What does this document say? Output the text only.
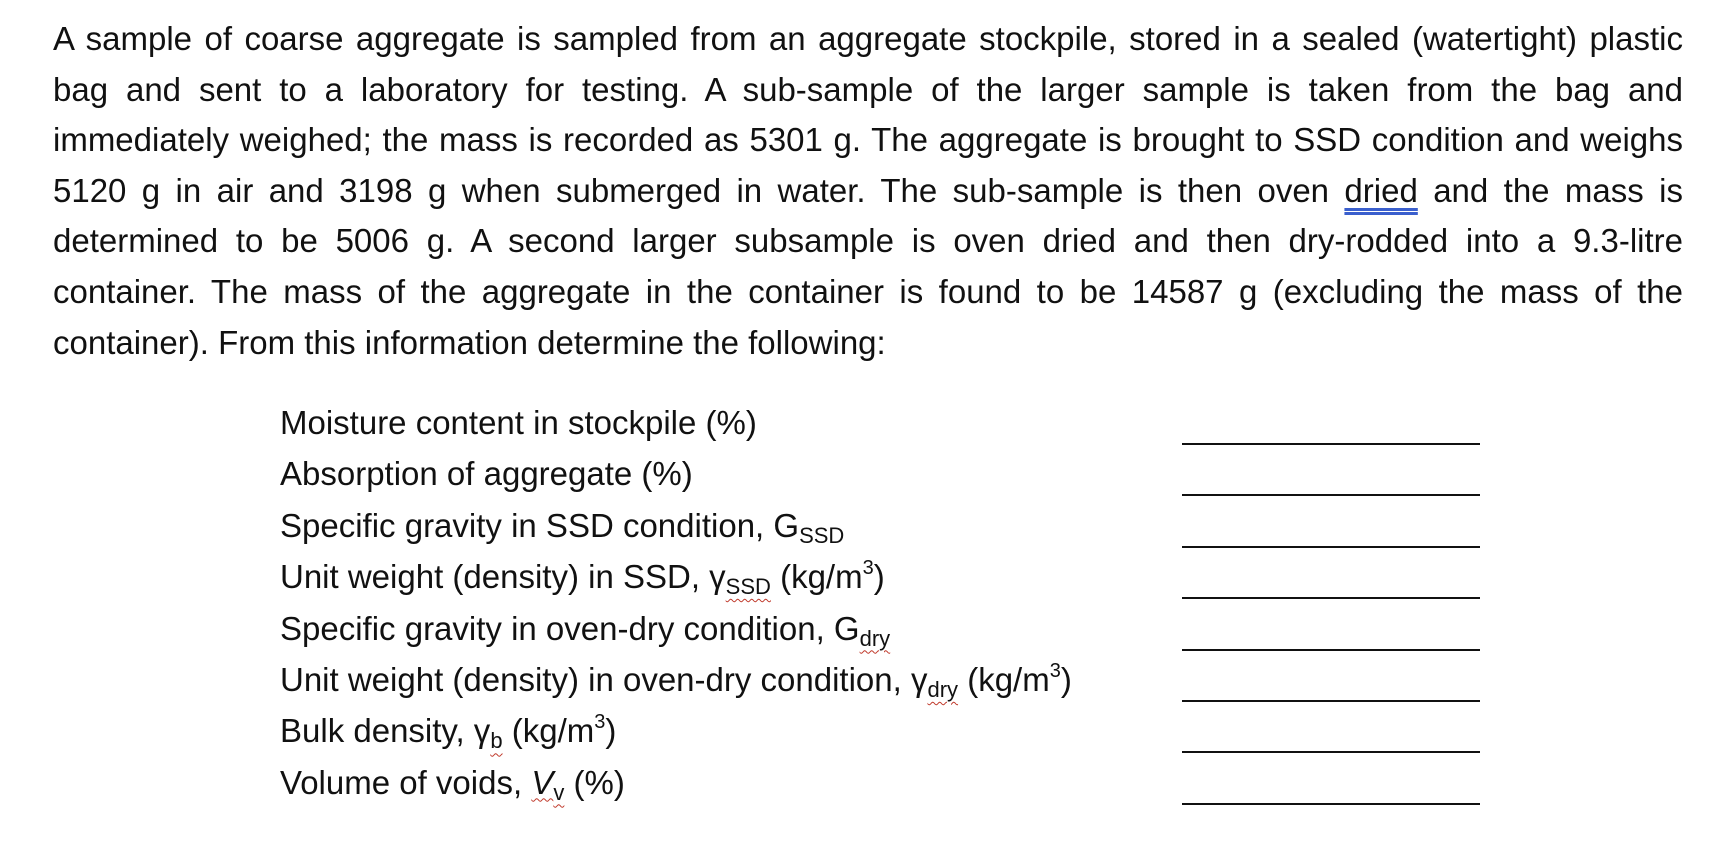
A sample of coarse aggregate is sampled from an aggregate stockpile, stored in a sealed (watertight) plastic bag and sent to a laboratory for testing. A sub-sample of the larger sample is taken from the bag and immediately weighed; the mass is recorded as 5301 g. The aggregate is brought to SSD condition and weighs 5120 g in air and 3198 g when submerged in water. The sub-sample is then oven dried and the mass is determined to be 5006 g. A second larger subsample is oven dried and then dry-rodded into a 9.3-litre container. The mass of the aggregate in the container is found to be 14587 g (excluding the mass of the container). From this information determine the following:

Moisture content in stockpile (%)
Absorption of aggregate (%)
Specific gravity in SSD condition, $G_{SSD}$
Unit weight (density) in SSD, $\gamma_{SSD}$ $(kg/m^3)$
Specific gravity in oven-dry condition, $G_{dry}$
Unit weight (density) in oven-dry condition, $\gamma_{dry}$ $(kg/m^3)$
Bulk density, $\gamma_b$ $(kg/m^3)$
Volume of voids, $V_v$ (%)
